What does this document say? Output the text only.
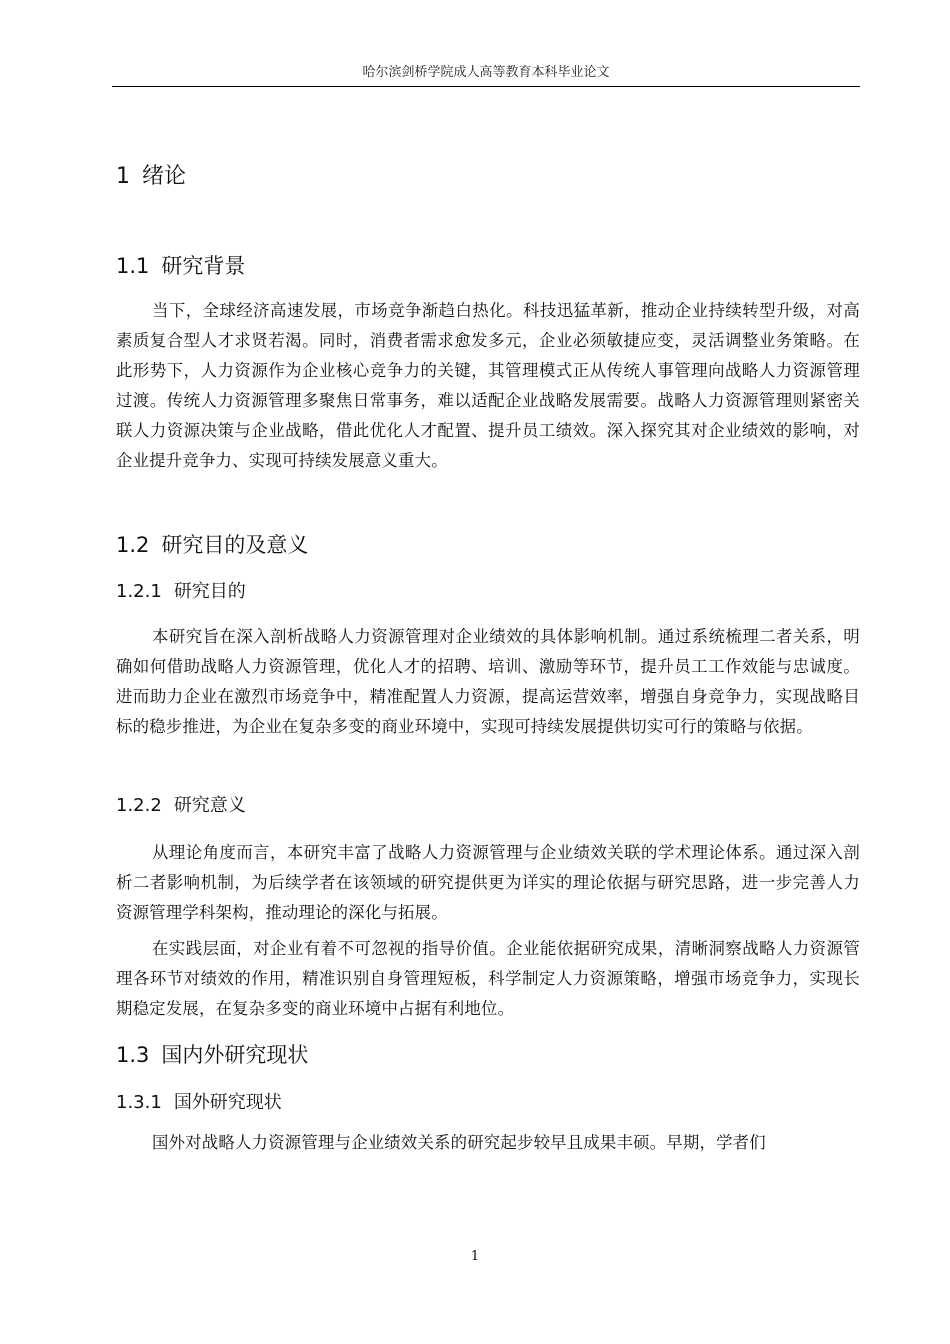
哈尔滨剑桥学院成人高等教育本科毕业论文
1 绪论
1.1 研究背景

当下，全球经济高速发展，市场竞争渐趋白热化。科技迅猛革新，推动企业持续转型升级，对高素质复合型人才求贤若渴。同时，消费者需求愈发多元，企业必须敏捷应变，灵活调整业务策略。在此形势下，人力资源作为企业核心竞争力的关键，其管理模式正从传统人事管理向战略人力资源管理过渡。传统人力资源管理多聚焦日常事务，难以适配企业战略发展需要。战略人力资源管理则紧密关联人力资源决策与企业战略，借此优化人才配置、提升员工绩效。深入探究其对企业绩效的影响，对企业提升竞争力、实现可持续发展意义重大。

1.2 研究目的及意义
1.2.1 研究目的

本研究旨在深入剖析战略人力资源管理对企业绩效的具体影响机制。通过系统梳理二者关系，明确如何借助战略人力资源管理，优化人才的招聘、培训、激励等环节，提升员工工作效能与忠诚度。进而助力企业在激烈市场竞争中，精准配置人力资源，提高运营效率，增强自身竞争力，实现战略目标的稳步推进，为企业在复杂多变的商业环境中，实现可持续发展提供切实可行的策略与依据。

1.2.2 研究意义

从理论角度而言，本研究丰富了战略人力资源管理与企业绩效关联的学术理论体系。通过深入剖析二者影响机制，为后续学者在该领域的研究提供更为详实的理论依据与研究思路，进一步完善人力资源管理学科架构，推动理论的深化与拓展。

在实践层面，对企业有着不可忽视的指导价值。企业能依据研究成果，清晰洞察战略人力资源管理各环节对绩效的作用，精准识别自身管理短板，科学制定人力资源策略，增强市场竞争力，实现长期稳定发展，在复杂多变的商业环境中占据有利地位。

1.3 国内外研究现状
1.3.1 国外研究现状

国外对战略人力资源管理与企业绩效关系的研究起步较早且成果丰硕。早期，学者们

1
